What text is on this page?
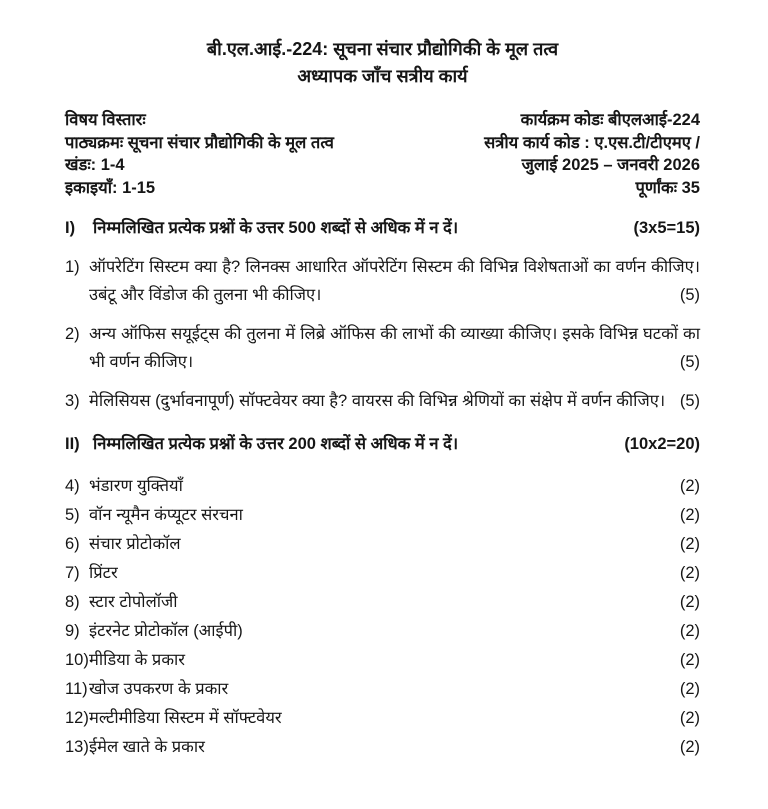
बी.एल.आई.-224: सूचना संचार प्रौद्योगिकी के मूल तत्व
अध्यापक जाँच सत्रीय कार्य
विषय विस्तारः
पाठ्यक्रमः सूचना संचार प्रौद्योगिकी के मूल तत्व
खंडः: 1-4
इकाइयाँ: 1-15
कार्यक्रम कोडः बीएलआई-224
सत्रीय कार्य कोड : ए.एस.टी/टीएमए /
जुलाई 2025 – जनवरी 2026
पूर्णांकः 35
I)	निम्मलिखित प्रत्येक प्रश्नों के उत्तर 500 शब्दों से अधिक में न दें।	(3x5=15)
1) ऑपरेटिंग सिस्टम क्या है? लिनक्स आधारित ऑपरेटिंग सिस्टम की विभिन्न विशेषताओं का वर्णन कीजिए। उबंटू और विंडोज की तुलना भी कीजिए।	(5)
2) अन्य ऑफिस सयूईट्स की तुलना में लिब्रे ऑफिस की लाभों की व्याख्या कीजिए। इसके विभिन्न घटकों का भी वर्णन कीजिए।	(5)
3) मेलिसियस (दुर्भावनापूर्ण) सॉफ्टवेयर क्या है? वायरस की विभिन्न श्रेणियों का संक्षेप में वर्णन कीजिए। (5)
II) निम्मलिखित प्रत्येक प्रश्नों के उत्तर 200 शब्दों से अधिक में न दें।	(10x2=20)
4) भंडारण युक्तियाँ	(2)
5) वॉन न्यूमैन कंप्यूटर संरचना	(2)
6) संचार प्रोटोकॉल	(2)
7) प्रिंटर	(2)
8) स्टार टोपोलॉजी	(2)
9) इंटरनेट प्रोटोकॉल (आईपी)	(2)
10) मीडिया के प्रकार	(2)
11) खोज उपकरण के प्रकार	(2)
12) मल्टीमीडिया सिस्टम में सॉफ्टवेयर	(2)
13) ईमेल खाते के प्रकार	(2)
